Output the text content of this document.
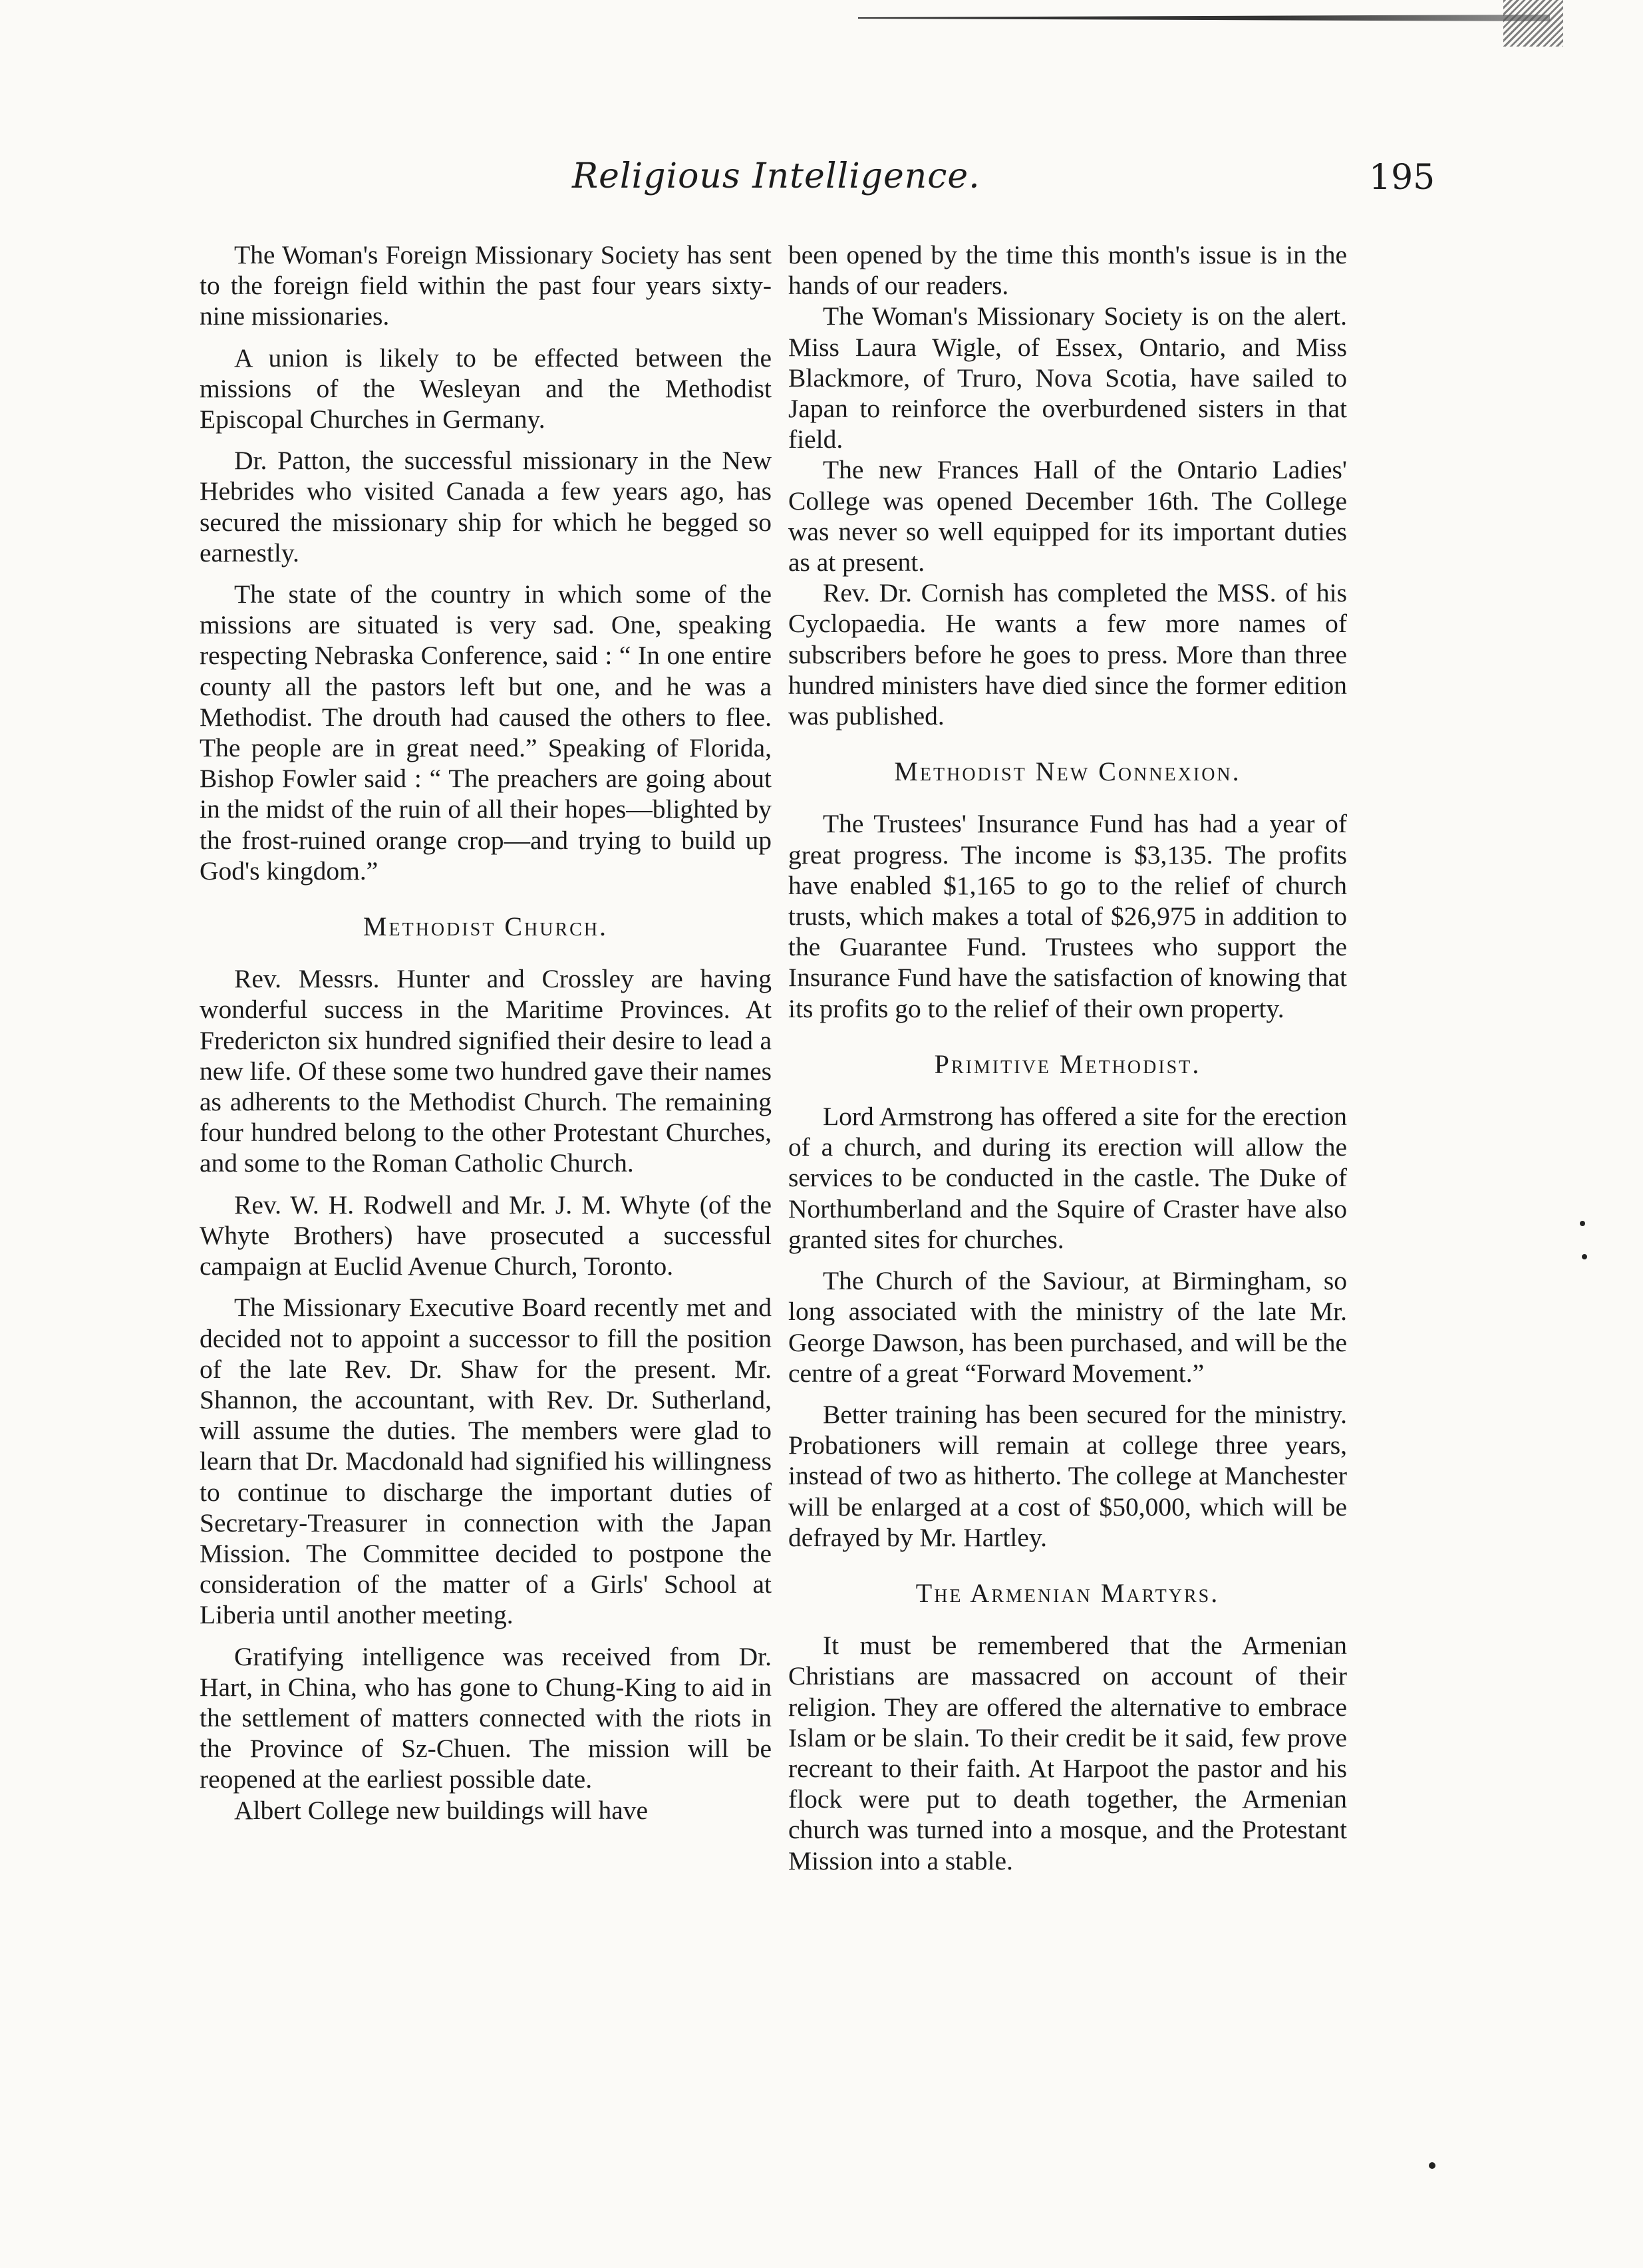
Religious Intelligence.	195

The Woman's Foreign Missionary Society has sent to the foreign field within the past four years sixty-nine missionaries.

A union is likely to be effected between the missions of the Wesleyan and the Methodist Episcopal Churches in Germany.

Dr. Patton, the successful missionary in the New Hebrides who visited Canada a few years ago, has secured the missionary ship for which he begged so earnestly.

The state of the country in which some of the missions are situated is very sad. One, speaking respecting Nebraska Conference, said : “ In one entire county all the pastors left but one, and he was a Methodist. The drouth had caused the others to flee. The people are in great need.” Speaking of Florida, Bishop Fowler said : “ The preachers are going about in the midst of the ruin of all their hopes—blighted by the frost-ruined orange crop—and trying to build up God's kingdom.”

Methodist Church.

Rev. Messrs. Hunter and Crossley are having wonderful success in the Maritime Provinces. At Fredericton six hundred signified their desire to lead a new life. Of these some two hundred gave their names as adherents to the Methodist Church. The remaining four hundred belong to the other Protestant Churches, and some to the Roman Catholic Church.

Rev. W. H. Rodwell and Mr. J. M. Whyte (of the Whyte Brothers) have prosecuted a successful campaign at Euclid Avenue Church, Toronto.

The Missionary Executive Board recently met and decided not to appoint a successor to fill the position of the late Rev. Dr. Shaw for the present. Mr. Shannon, the accountant, with Rev. Dr. Sutherland, will assume the duties. The members were glad to learn that Dr. Macdonald had signified his willingness to continue to discharge the important duties of Secretary-Treasurer in connection with the Japan Mission. The Committee decided to postpone the consideration of the matter of a Girls' School at Liberia until another meeting.

Gratifying intelligence was received from Dr. Hart, in China, who has gone to Chung-King to aid in the settlement of matters connected with the riots in the Province of Sz-Chuen. The mission will be reopened at the earliest possible date.

Albert College new buildings will have

been opened by the time this month's issue is in the hands of our readers.

The Woman's Missionary Society is on the alert. Miss Laura Wigle, of Essex, Ontario, and Miss Blackmore, of Truro, Nova Scotia, have sailed to Japan to reinforce the overburdened sisters in that field.

The new Frances Hall of the Ontario Ladies' College was opened December 16th. The College was never so well equipped for its important duties as at present.

Rev. Dr. Cornish has completed the MSS. of his Cyclopaedia. He wants a few more names of subscribers before he goes to press. More than three hundred ministers have died since the former edition was published.

Methodist New Connexion.

The Trustees' Insurance Fund has had a year of great progress. The income is $3,135. The profits have enabled $1,165 to go to the relief of church trusts, which makes a total of $26,975 in addition to the Guarantee Fund. Trustees who support the Insurance Fund have the satisfaction of knowing that its profits go to the relief of their own property.

Primitive Methodist.

Lord Armstrong has offered a site for the erection of a church, and during its erection will allow the services to be conducted in the castle. The Duke of Northumberland and the Squire of Craster have also granted sites for churches.

The Church of the Saviour, at Birmingham, so long associated with the ministry of the late Mr. George Dawson, has been purchased, and will be the centre of a great “Forward Movement.”

Better training has been secured for the ministry. Probationers will remain at college three years, instead of two as hitherto. The college at Manchester will be enlarged at a cost of $50,000, which will be defrayed by Mr. Hartley.

The Armenian Martyrs.

It must be remembered that the Armenian Christians are massacred on account of their religion. They are offered the alternative to embrace Islam or be slain. To their credit be it said, few prove recreant to their faith. At Harpoot the pastor and his flock were put to death together, the Armenian church was turned into a mosque, and the Protestant Mission into a stable.
